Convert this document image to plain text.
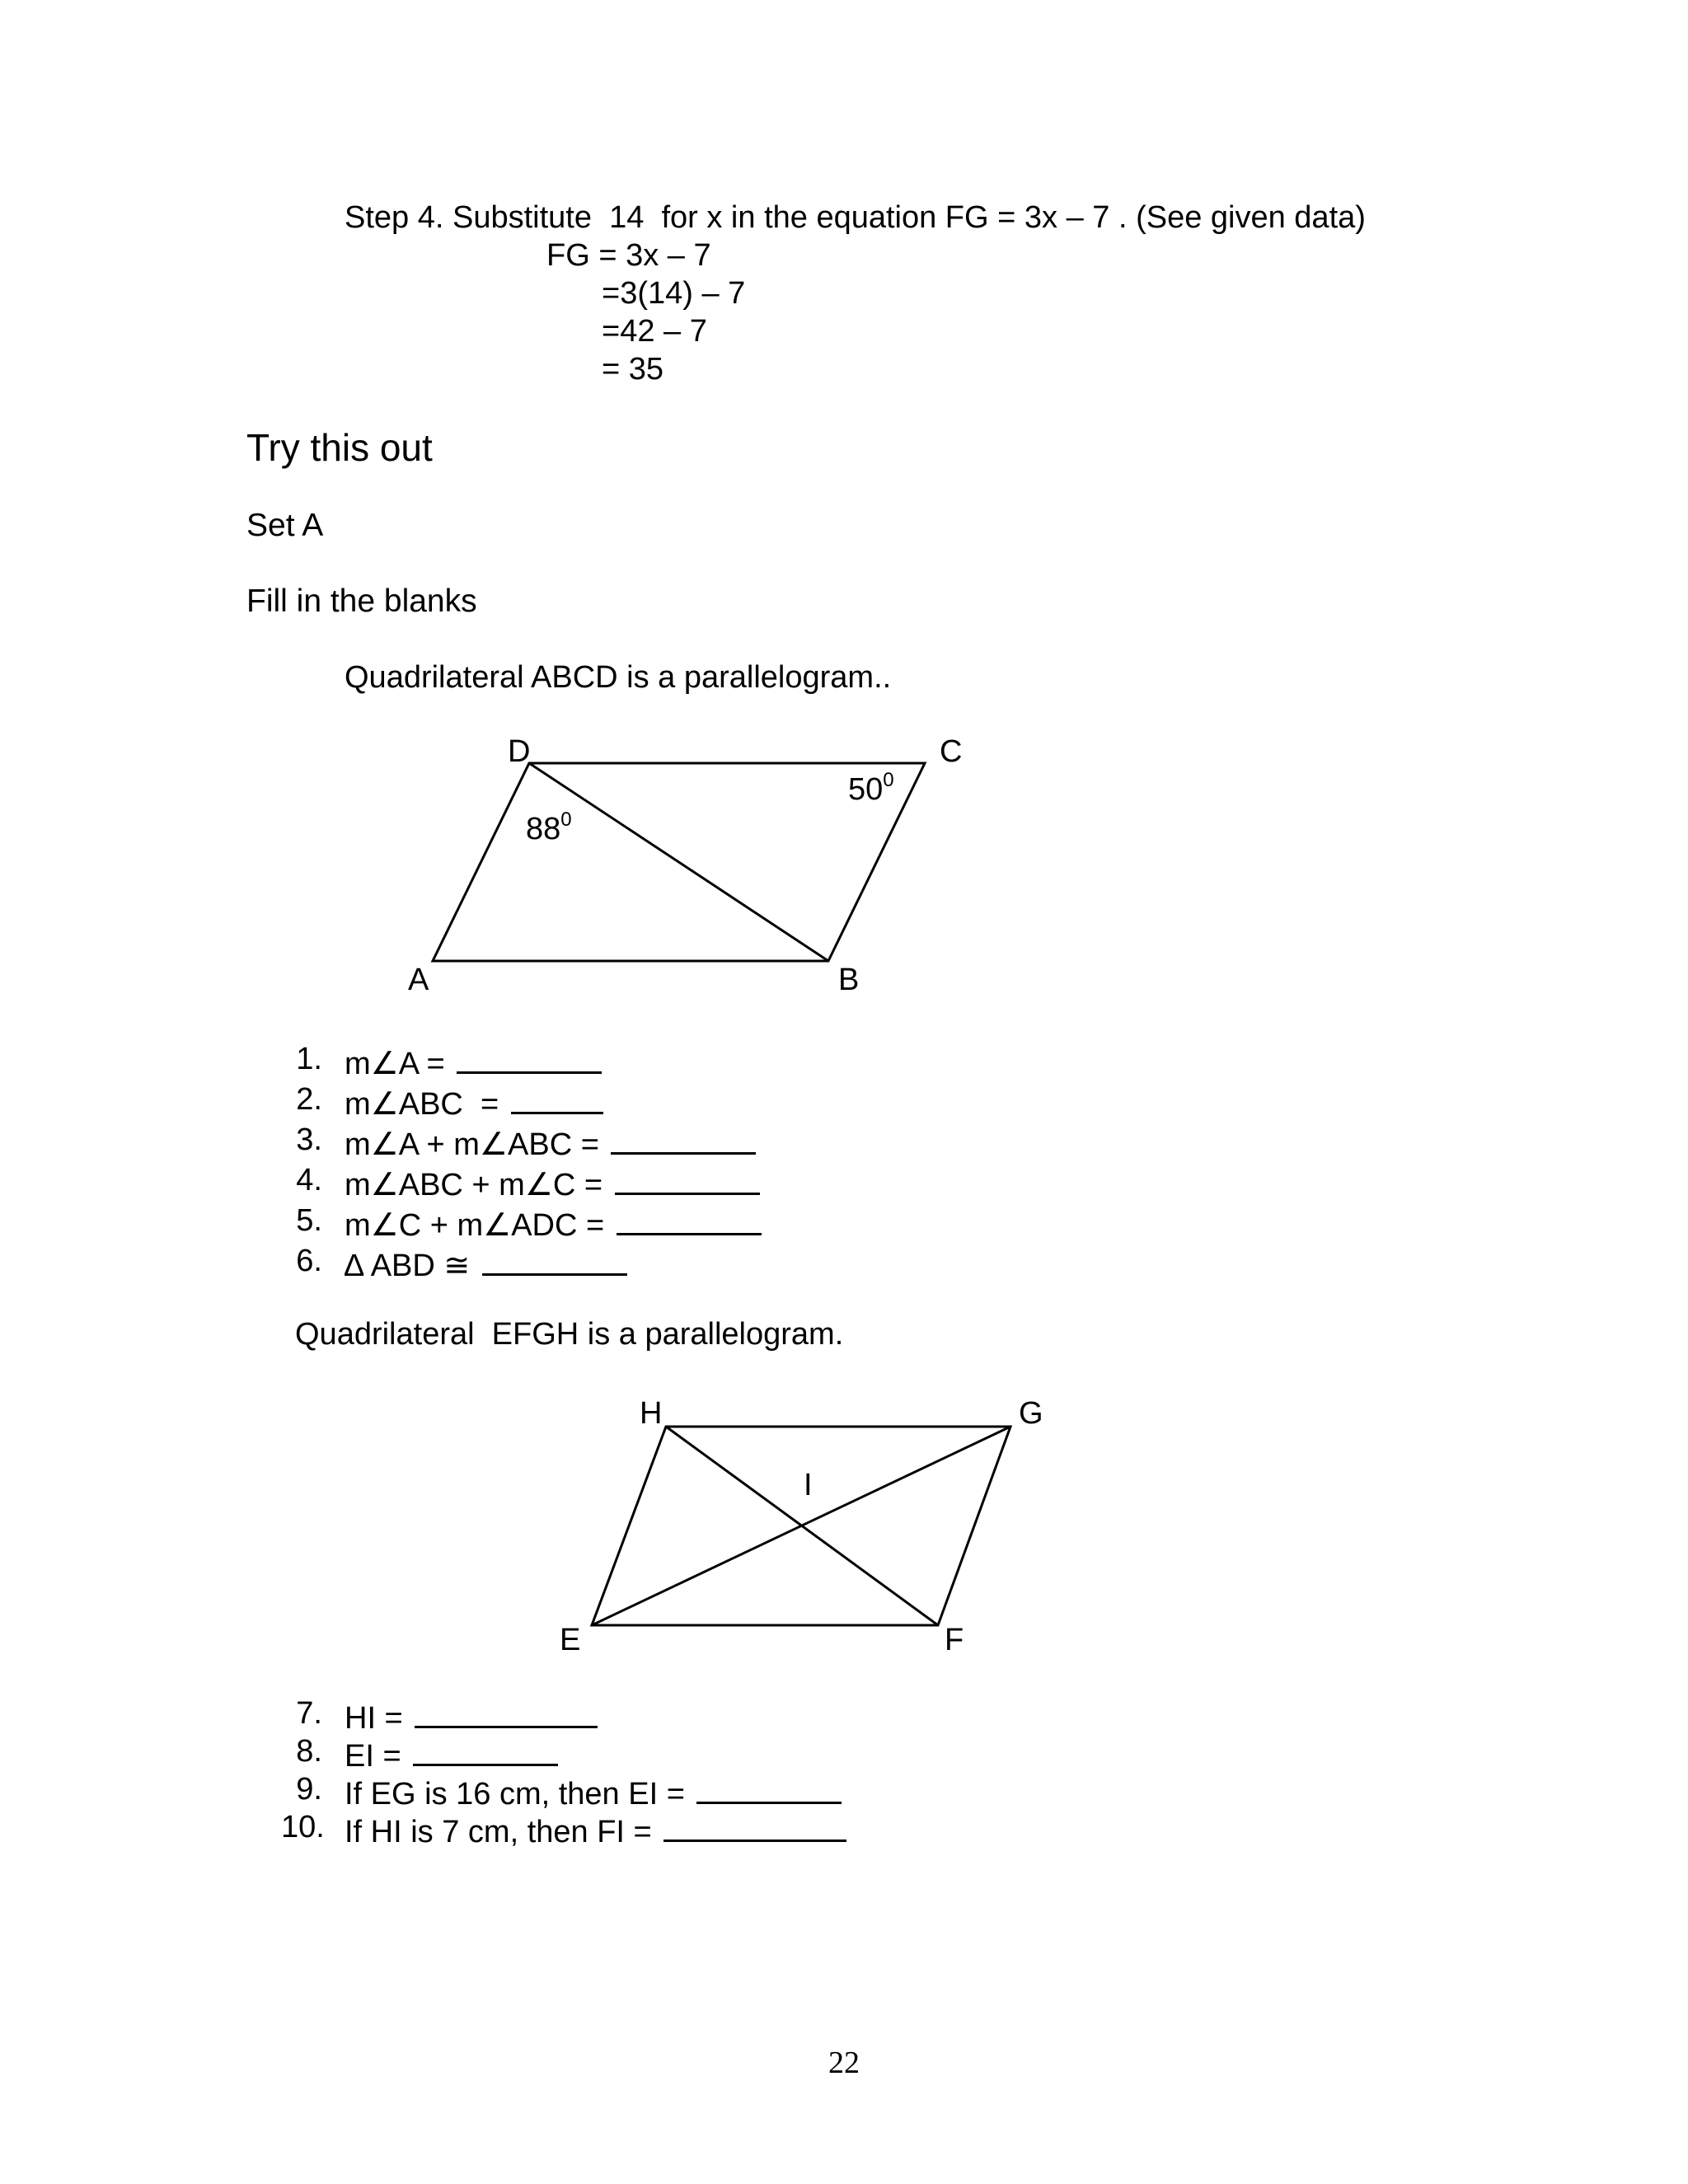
Step 4. Substitute  14  for x in the equation FG = 3x – 7 . (See given data)
FG = 3x – 7
=3(14) – 7
=42 – 7
= 35
Try this out
Set A
Fill in the blanks
Quadrilateral ABCD is a parallelogram..
A	B
C
D
$88^0$
$50^0$
E	F
G
H
I
1. m∠A =
2. m∠ABC  =
3. m∠A + m∠ABC =
4. m∠ABC + m∠C =
5. m∠C + m∠ADC =
6. ∆ ABD ≅
Quadrilateral  EFGH is a parallelogram.
7. HI =
8. EI =
9. If EG is 16 cm, then EI =
10. If HI is 7 cm, then FI =
22
